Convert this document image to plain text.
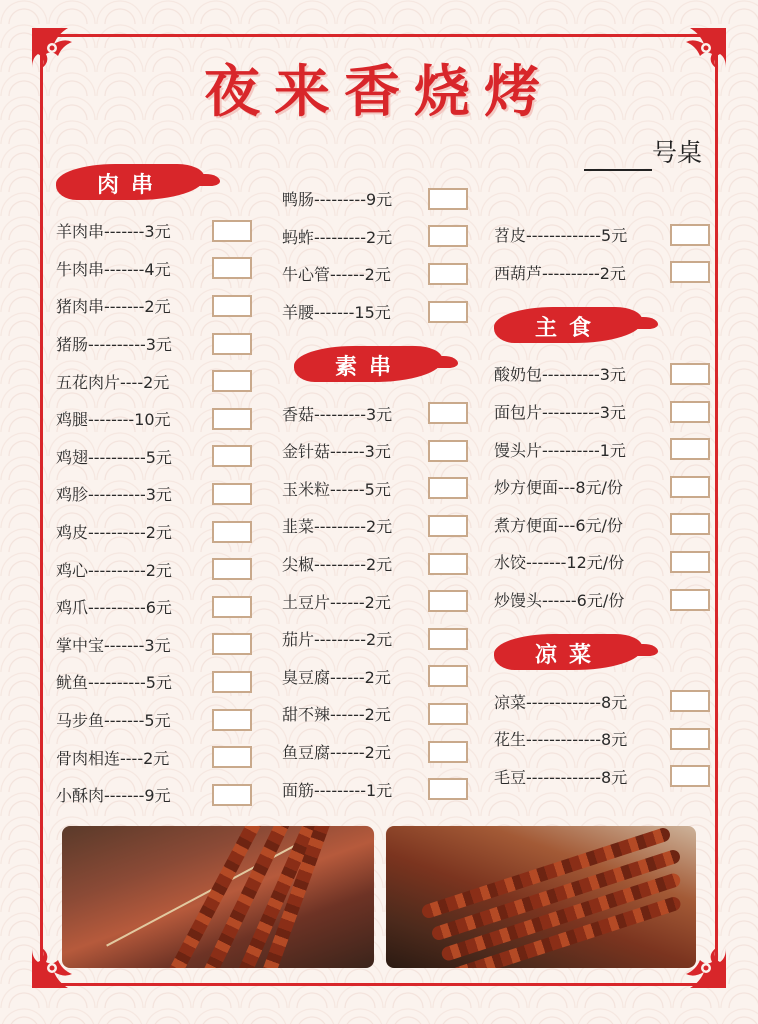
夜来香烧烤
号桌
肉串
羊肉串-------3元
牛肉串-------4元
猪肉串-------2元
猪肠----------3元
五花肉片----2元
鸡腿--------10元
鸡翅----------5元
鸡胗----------3元
鸡皮----------2元
鸡心----------2元
鸡爪----------6元
掌中宝-------3元
鱿鱼----------5元
马步鱼-------5元
骨肉相连----2元
小酥肉-------9元
鸭肠---------9元
蚂蚱---------2元
牛心管------2元
羊腰-------15元
素串
香菇---------3元
金针菇------3元
玉米粒------5元
韭菜---------2元
尖椒---------2元
土豆片------2元
茄片---------2元
臭豆腐------2元
甜不辣------2元
鱼豆腐------2元
面筋---------1元
苕皮-------------5元
西葫芦----------2元
主食
酸奶包----------3元
面包片----------3元
馒头片----------1元
炒方便面---8元/份
煮方便面---6元/份
水饺-------12元/份
炒馒头------6元/份
凉菜
凉菜-------------8元
花生-------------8元
毛豆-------------8元
